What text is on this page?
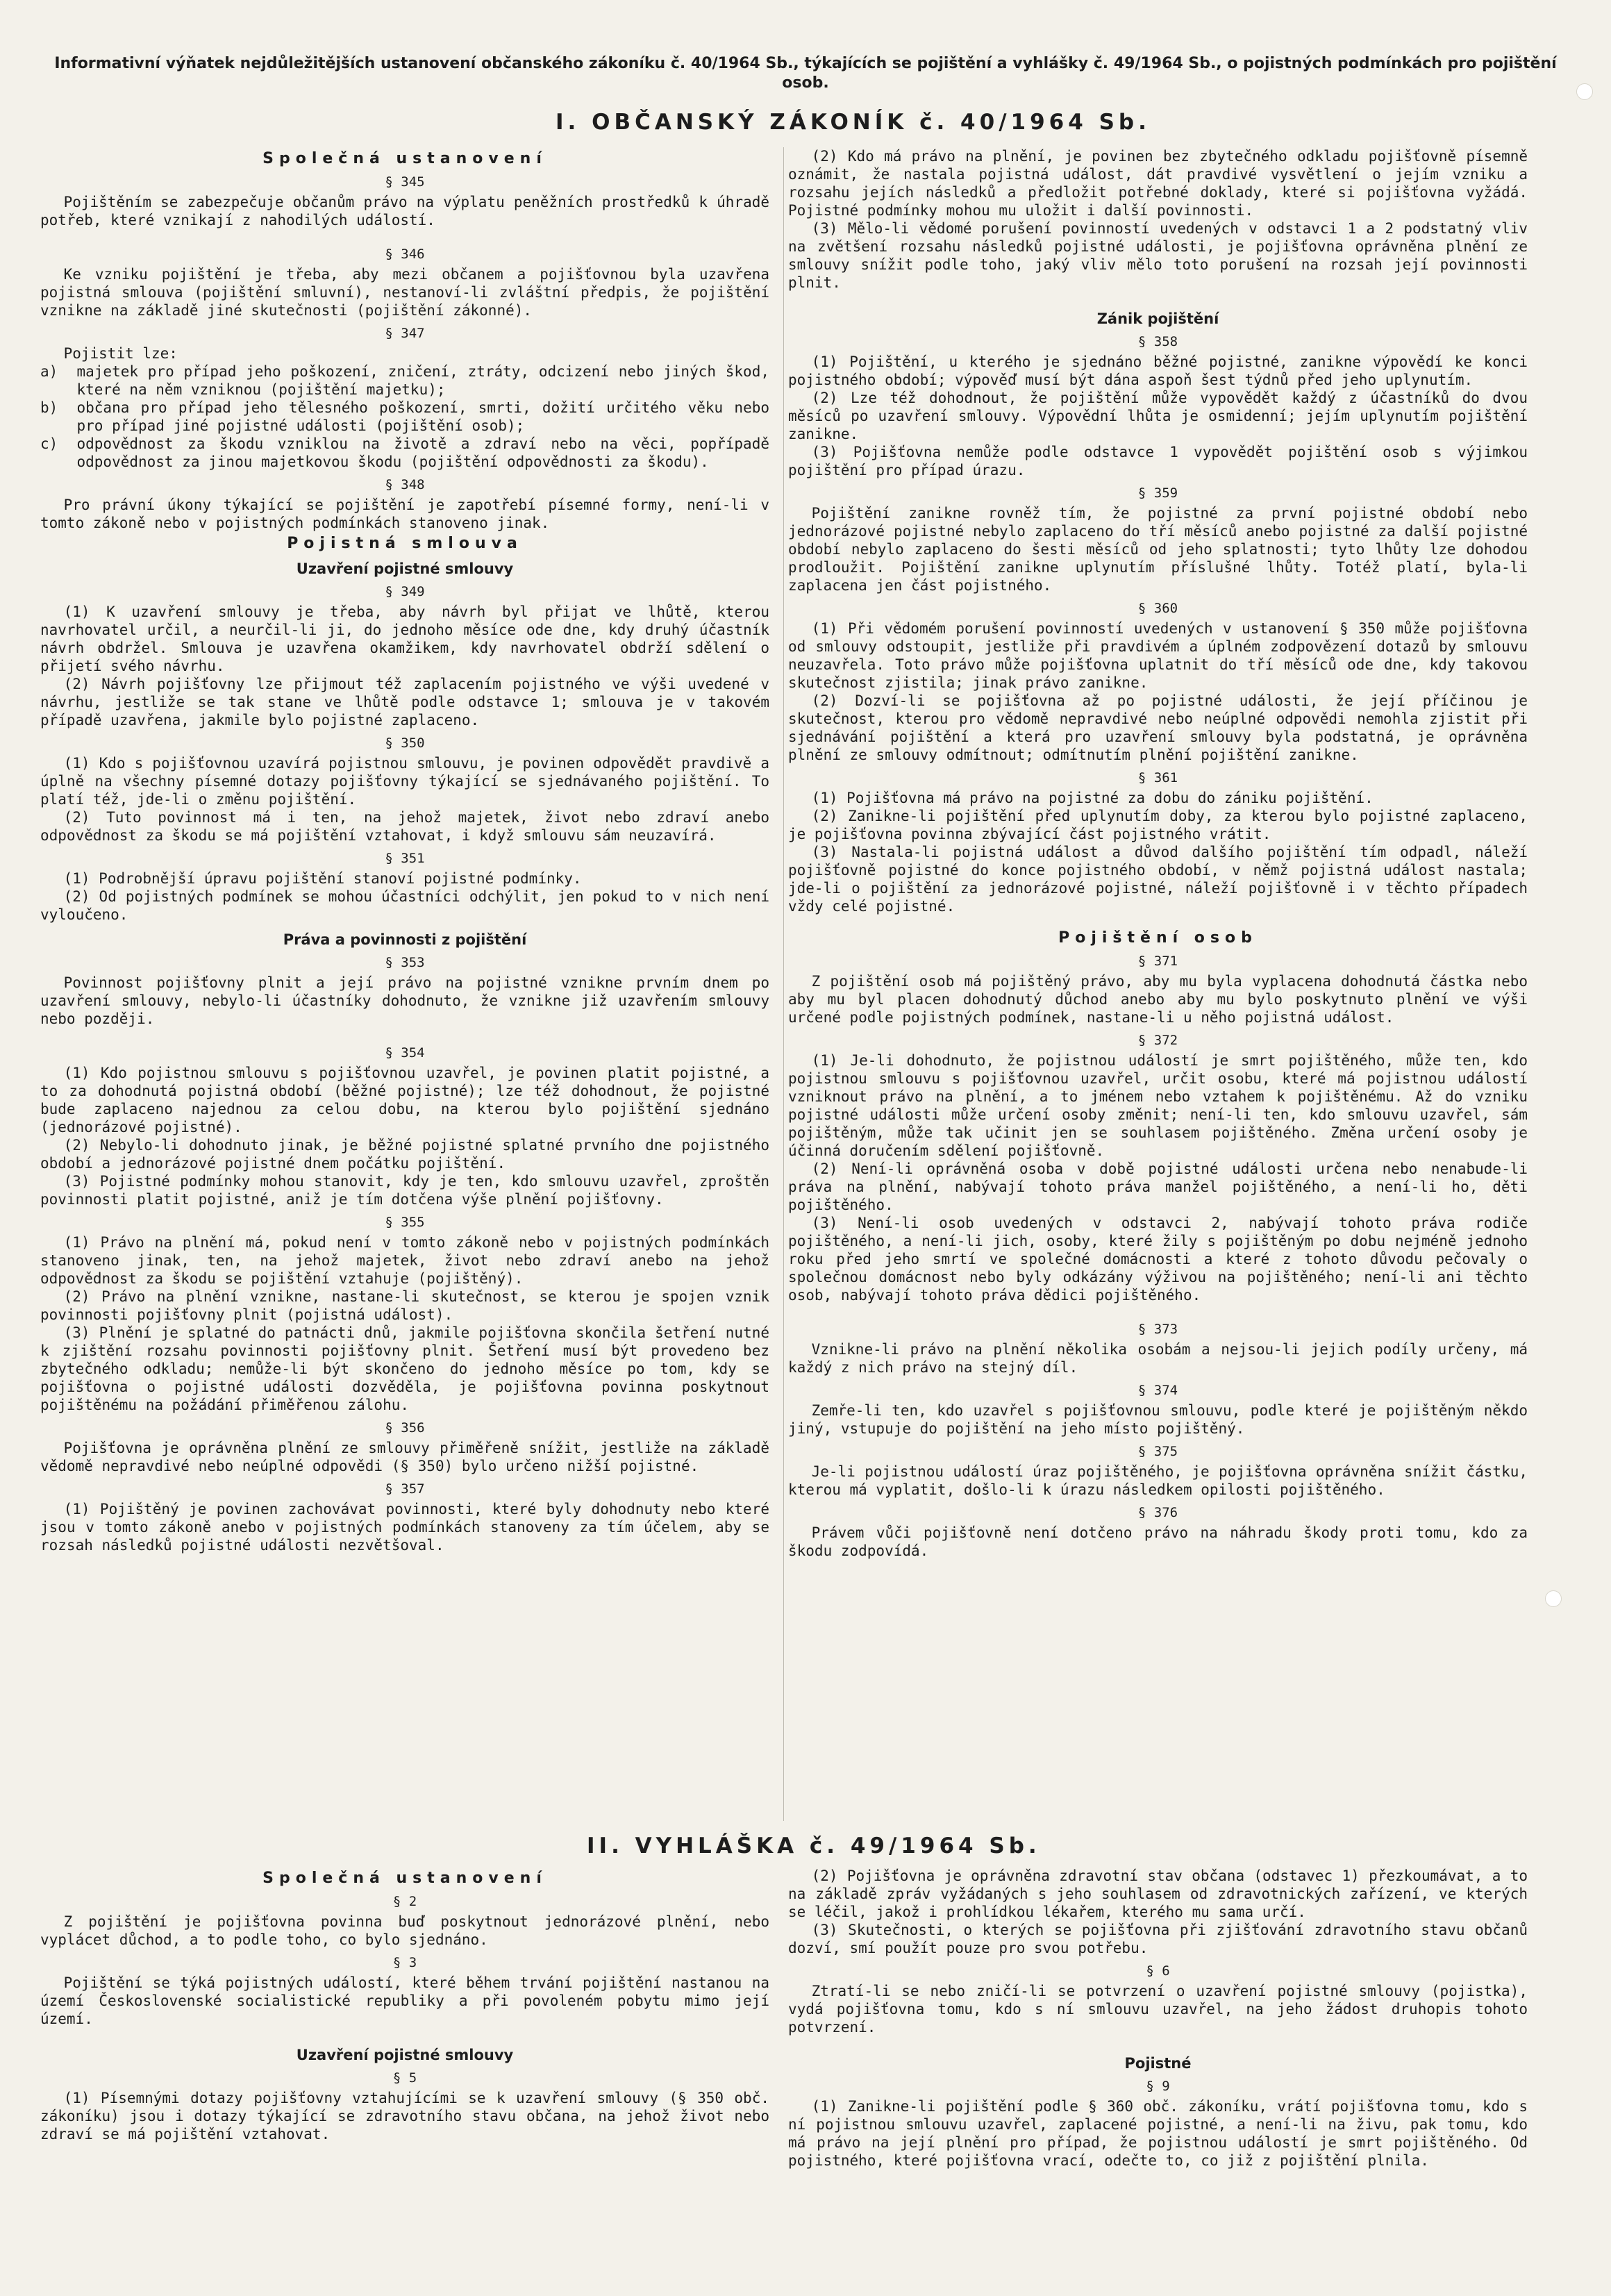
Informativní výňatek nejdůležitějších ustanovení občanského zákoníku č. 40/1964 Sb., týkajících se pojištění a vyhlášky č. 49/1964 Sb., o pojistných podmínkách pro pojištění osob.
I. OBČANSKÝ ZÁKONÍK č. 40/1964 Sb.
Společná ustanovení
§ 345

Pojištěním se zabezpečuje občanům právo na výplatu peněžních prostředků k úhradě potřeb, které vznikají z nahodilých událostí.

§ 346

Ke vzniku pojištění je třeba, aby mezi občanem a pojišťovnou byla uzavřena pojistná smlouva (pojištění smluvní), nestanoví-li zvláštní předpis, že pojištění vznikne na základě jiné skutečnosti (pojištění zákonné).

§ 347

Pojistit lze:

a) majetek pro případ jeho poškození, zničení, ztráty, odcizení nebo jiných škod, které na něm vzniknou (pojištění majetku);

b) občana pro případ jeho tělesného poškození, smrti, dožití určitého věku nebo pro případ jiné pojistné události (pojištění osob);

c) odpovědnost za škodu vzniklou na životě a zdraví nebo na věci, popřípadě odpovědnost za jinou majetkovou škodu (pojištění odpovědnosti za škodu).

§ 348

Pro právní úkony týkající se pojištění je zapotřebí písemné formy, není-li v tomto zákoně nebo v pojistných podmínkách stanoveno jinak.

Pojistná smlouva
Uzavření pojistné smlouvy
§ 349

(1) K uzavření smlouvy je třeba, aby návrh byl přijat ve lhůtě, kterou navrhovatel určil, a neurčil-li ji, do jednoho měsíce ode dne, kdy druhý účastník návrh obdržel. Smlouva je uzavřena okamžikem, kdy navrhovatel obdrží sdělení o přijetí svého návrhu.

(2) Návrh pojišťovny lze přijmout též zaplacením pojistného ve výši uvedené v návrhu, jestliže se tak stane ve lhůtě podle odstavce 1; smlouva je v takovém případě uzavřena, jakmile bylo pojistné zaplaceno.

§ 350

(1) Kdo s pojišťovnou uzavírá pojistnou smlouvu, je povinen odpovědět pravdivě a úplně na všechny písemné dotazy pojišťovny týkající se sjednávaného pojištění. To platí též, jde-li o změnu pojištění.

(2) Tuto povinnost má i ten, na jehož majetek, život nebo zdraví anebo odpovědnost za škodu se má pojištění vztahovat, i když smlouvu sám neuzavírá.

§ 351

(1) Podrobnější úpravu pojištění stanoví pojistné podmínky.

(2) Od pojistných podmínek se mohou účastníci odchýlit, jen pokud to v nich není vyloučeno.

Práva a povinnosti z pojištění
§ 353

Povinnost pojišťovny plnit a její právo na pojistné vznikne prvním dnem po uzavření smlouvy, nebylo-li účastníky dohodnuto, že vznikne již uzavřením smlouvy nebo později.

§ 354

(1) Kdo pojistnou smlouvu s pojišťovnou uzavřel, je povinen platit pojistné, a to za dohodnutá pojistná období (běžné pojistné); lze též dohodnout, že pojistné bude zaplaceno najednou za celou dobu, na kterou bylo pojištění sjednáno (jednorázové pojistné).

(2) Nebylo-li dohodnuto jinak, je běžné pojistné splatné prvního dne pojistného období a jednorázové pojistné dnem počátku pojištění.

(3) Pojistné podmínky mohou stanovit, kdy je ten, kdo smlouvu uzavřel, zproštěn povinnosti platit pojistné, aniž je tím dotčena výše plnění pojišťovny.

§ 355

(1) Právo na plnění má, pokud není v tomto zákoně nebo v pojistných podmínkách stanoveno jinak, ten, na jehož majetek, život nebo zdraví anebo na jehož odpovědnost za škodu se pojištění vztahuje (pojištěný).

(2) Právo na plnění vznikne, nastane-li skutečnost, se kterou je spojen vznik povinnosti pojišťovny plnit (pojistná událost).

(3) Plnění je splatné do patnácti dnů, jakmile pojišťovna skončila šetření nutné k zjištění rozsahu povinnosti pojišťovny plnit. Šetření musí být provedeno bez zbytečného odkladu; nemůže-li být skončeno do jednoho měsíce po tom, kdy se pojišťovna o pojistné události dozvěděla, je pojišťovna povinna poskytnout pojištěnému na požádání přiměřenou zálohu.

§ 356

Pojišťovna je oprávněna plnění ze smlouvy přiměřeně snížit, jestliže na základě vědomě nepravdivé nebo neúplné odpovědi (§ 350) bylo určeno nižší pojistné.

§ 357

(1) Pojištěný je povinen zachovávat povinnosti, které byly dohodnuty nebo které jsou v tomto zákoně anebo v pojistných podmínkách stanoveny za tím účelem, aby se rozsah následků pojistné události nezvětšoval.

(2) Kdo má právo na plnění, je povinen bez zbytečného odkladu pojišťovně písemně oznámit, že nastala pojistná událost, dát pravdivé vysvětlení o jejím vzniku a rozsahu jejích následků a předložit potřebné doklady, které si pojišťovna vyžádá. Pojistné podmínky mohou mu uložit i další povinnosti.

(3) Mělo-li vědomé porušení povinností uvedených v odstavci 1 a 2 podstatný vliv na zvětšení rozsahu následků pojistné události, je pojišťovna oprávněna plnění ze smlouvy snížit podle toho, jaký vliv mělo toto porušení na rozsah její povinnosti plnit.

Zánik pojištění
§ 358

(1) Pojištění, u kterého je sjednáno běžné pojistné, zanikne výpovědí ke konci pojistného období; výpověď musí být dána aspoň šest týdnů před jeho uplynutím.

(2) Lze též dohodnout, že pojištění může vypovědět každý z účastníků do dvou měsíců po uzavření smlouvy. Výpovědní lhůta je osmidenní; jejím uplynutím pojištění zanikne.

(3) Pojišťovna nemůže podle odstavce 1 vypovědět pojištění osob s výjimkou pojištění pro případ úrazu.

§ 359

Pojištění zanikne rovněž tím, že pojistné za první pojistné období nebo jednorázové pojistné nebylo zaplaceno do tří měsíců anebo pojistné za další pojistné období nebylo zaplaceno do šesti měsíců od jeho splatnosti; tyto lhůty lze dohodou prodloužit. Pojištění zanikne uplynutím příslušné lhůty. Totéž platí, byla-li zaplacena jen část pojistného.

§ 360

(1) Při vědomém porušení povinností uvedených v ustanovení § 350 může pojišťovna od smlouvy odstoupit, jestliže při pravdivém a úplném zodpovězení dotazů by smlouvu neuzavřela. Toto právo může pojišťovna uplatnit do tří měsíců ode dne, kdy takovou skutečnost zjistila; jinak právo zanikne.

(2) Dozví-li se pojišťovna až po pojistné události, že její příčinou je skutečnost, kterou pro vědomě nepravdivé nebo neúplné odpovědi nemohla zjistit při sjednávání pojištění a která pro uzavření smlouvy byla podstatná, je oprávněna plnění ze smlouvy odmítnout; odmítnutím plnění pojištění zanikne.

§ 361

(1) Pojišťovna má právo na pojistné za dobu do zániku pojištění.

(2) Zanikne-li pojištění před uplynutím doby, za kterou bylo pojistné zaplaceno, je pojišťovna povinna zbývající část pojistného vrátit.

(3) Nastala-li pojistná událost a důvod dalšího pojištění tím odpadl, náleží pojišťovně pojistné do konce pojistného období, v němž pojistná událost nastala; jde-li o pojištění za jednorázové pojistné, náleží pojišťovně i v těchto případech vždy celé pojistné.

Pojištění osob
§ 371

Z pojištění osob má pojištěný právo, aby mu byla vyplacena dohodnutá částka nebo aby mu byl placen dohodnutý důchod anebo aby mu bylo poskytnuto plnění ve výši určené podle pojistných podmínek, nastane-li u něho pojistná událost.

§ 372

(1) Je-li dohodnuto, že pojistnou událostí je smrt pojištěného, může ten, kdo pojistnou smlouvu s pojišťovnou uzavřel, určit osobu, které má pojistnou událostí vzniknout právo na plnění, a to jménem nebo vztahem k pojištěnému. Až do vzniku pojistné události může určení osoby změnit; není-li ten, kdo smlouvu uzavřel, sám pojištěným, může tak učinit jen se souhlasem pojištěného. Změna určení osoby je účinná doručením sdělení pojišťovně.

(2) Není-li oprávněná osoba v době pojistné události určena nebo nenabude-li práva na plnění, nabývají tohoto práva manžel pojištěného, a není-li ho, děti pojištěného.

(3) Není-li osob uvedených v odstavci 2, nabývají tohoto práva rodiče pojištěného, a není-li jich, osoby, které žily s pojištěným po dobu nejméně jednoho roku před jeho smrtí ve společné domácnosti a které z tohoto důvodu pečovaly o společnou domácnost nebo byly odkázány výživou na pojištěného; není-li ani těchto osob, nabývají tohoto práva dědici pojištěného.

§ 373

Vznikne-li právo na plnění několika osobám a nejsou-li jejich podíly určeny, má každý z nich právo na stejný díl.

§ 374

Zemře-li ten, kdo uzavřel s pojišťovnou smlouvu, podle které je pojištěným někdo jiný, vstupuje do pojištění na jeho místo pojištěný.

§ 375

Je-li pojistnou událostí úraz pojištěného, je pojišťovna oprávněna snížit částku, kterou má vyplatit, došlo-li k úrazu následkem opilosti pojištěného.

§ 376

Právem vůči pojišťovně není dotčeno právo na náhradu škody proti tomu, kdo za škodu zodpovídá.

II. VYHLÁŠKA č. 49/1964 Sb.
Společná ustanovení
§ 2

Z pojištění je pojišťovna povinna buď poskytnout jednorázové plnění, nebo vyplácet důchod, a to podle toho, co bylo sjednáno.

§ 3

Pojištění se týká pojistných událostí, které během trvání pojištění nastanou na území Československé socialistické republiky a při povoleném pobytu mimo její území.

Uzavření pojistné smlouvy
§ 5

(1) Písemnými dotazy pojišťovny vztahujícími se k uzavření smlouvy (§ 350 obč. zákoníku) jsou i dotazy týkající se zdravotního stavu občana, na jehož život nebo zdraví se má pojištění vztahovat.

(2) Pojišťovna je oprávněna zdravotní stav občana (odstavec 1) přezkoumávat, a to na základě zpráv vyžádaných s jeho souhlasem od zdravotnických zařízení, ve kterých se léčil, jakož i prohlídkou lékařem, kterého mu sama určí.

(3) Skutečnosti, o kterých se pojišťovna při zjišťování zdravotního stavu občanů dozví, smí použít pouze pro svou potřebu.

§ 6

Ztratí-li se nebo zničí-li se potvrzení o uzavření pojistné smlouvy (pojistka), vydá pojišťovna tomu, kdo s ní smlouvu uzavřel, na jeho žádost druhopis tohoto potvrzení.

Pojistné
§ 9

(1) Zanikne-li pojištění podle § 360 obč. zákoníku, vrátí pojišťovna tomu, kdo s ní pojistnou smlouvu uzavřel, zaplacené pojistné, a není-li na živu, pak tomu, kdo má právo na její plnění pro případ, že pojistnou událostí je smrt pojištěného. Od pojistného, které pojišťovna vrací, odečte to, co již z pojištění plnila.
